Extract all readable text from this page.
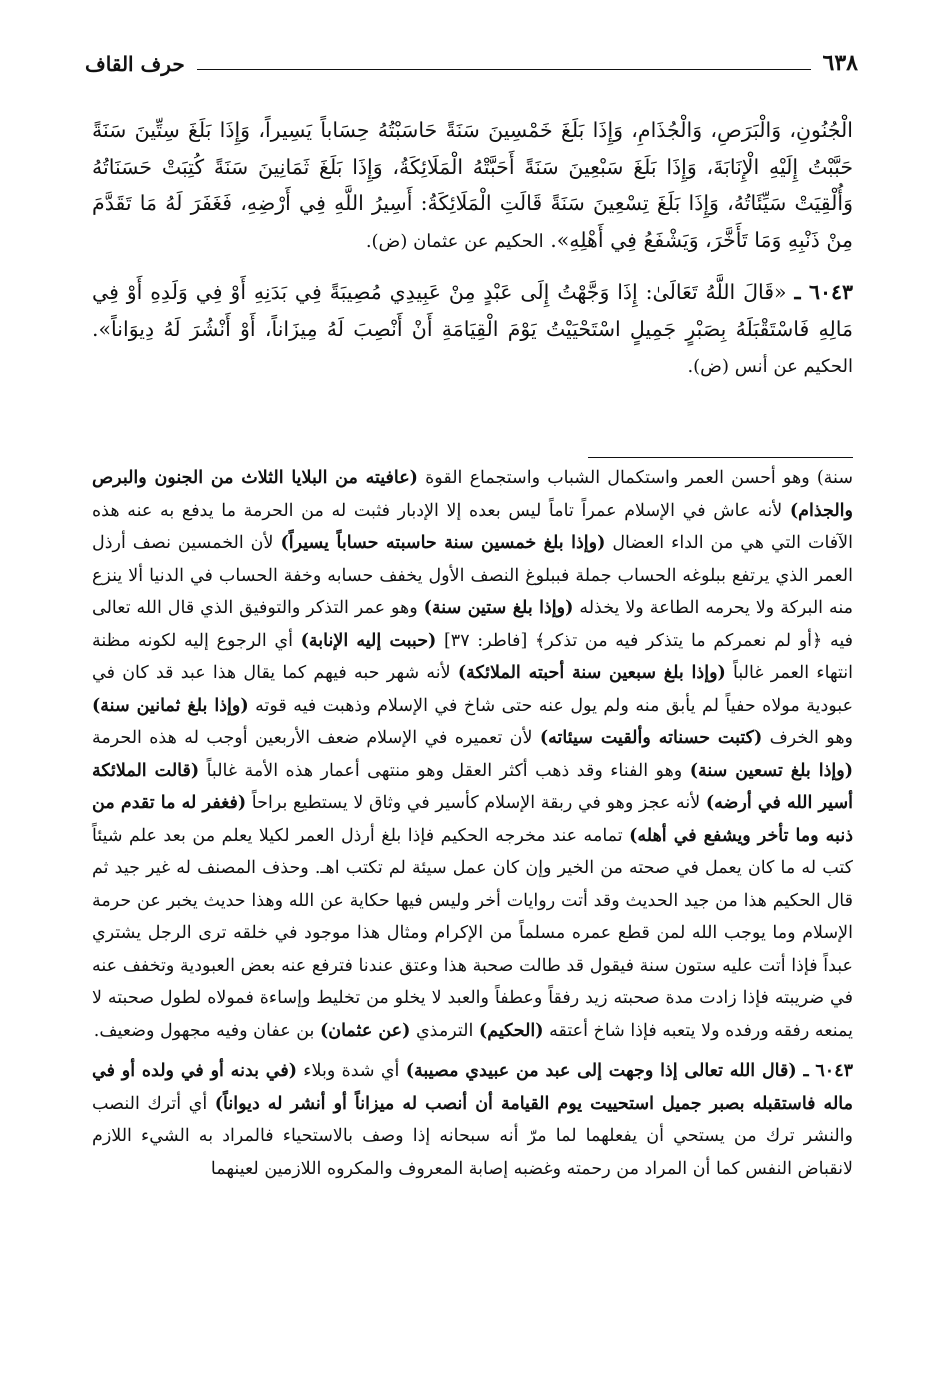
٦٣٨
حرف القاف

الْجُنُونِ، وَالْبَرَصِ، وَالْجُذَامِ، وَإِذَا بَلَغَ خَمْسِينَ سَنَةً حَاسَبْتُهُ حِسَاباً يَسِيراً، وَإِذَا بَلَغَ سِتِّينَ سَنَةً حَبَّبْتُ إِلَيْهِ الْإِنَابَةَ، وَإِذَا بَلَغَ سَبْعِينَ سَنَةً أَحَبَّتْهُ الْمَلَائِكَةُ، وَإِذَا بَلَغَ ثَمَانِينَ سَنَةً كُتِبَتْ حَسَنَاتُهُ وَأُلْقِيَتْ سَيِّئَاتُهُ، وَإِذَا بَلَغَ تِسْعِينَ سَنَةً قَالَتِ الْمَلَائِكَةُ: أَسِيرُ اللَّهِ فِي أَرْضِهِ، فَغَفَرَ لَهُ مَا تَقَدَّمَ مِنْ ذَنْبِهِ وَمَا تَأَخَّرَ، وَيَشْفَعُ فِي أَهْلِهِ». الحكيم عن عثمان (ض).

٦٠٤٣ ـ «قَالَ اللَّهُ تَعَالَىٰ: إِذَا وَجَّهْتُ إِلَى عَبْدٍ مِنْ عَبِيدِي مُصِيبَةً فِي بَدَنِهِ أَوْ فِي وَلَدِهِ أَوْ فِي مَالِهِ فَاسْتَقْبَلَهُ بِصَبْرٍ جَمِيلٍ اسْتَحْيَيْتُ يَوْمَ الْقِيَامَةِ أَنْ أَنْصِبَ لَهُ مِيزَاناً، أَوْ أَنْشُرَ لَهُ دِيوَاناً». الحكيم عن أنس (ض).

سنة) وهو أحسن العمر واستكمال الشباب واستجماع القوة (عافيته من البلايا الثلاث من الجنون والبرص والجذام) لأنه عاش في الإسلام عمراً تاماً ليس بعده إلا الإدبار فثبت له من الحرمة ما يدفع به عنه هذه الآفات التي هي من الداء العضال (وإذا بلغ خمسين سنة حاسبته حساباً يسيراً) لأن الخمسين نصف أرذل العمر الذي يرتفع ببلوغه الحساب جملة فببلوغ النصف الأول يخفف حسابه وخفة الحساب في الدنيا ألا ينزع منه البركة ولا يحرمه الطاعة ولا يخذله (وإذا بلغ ستين سنة) وهو عمر التذكر والتوفيق الذي قال الله تعالى فيه ﴿أو لم نعمركم ما يتذكر فيه من تذكر﴾ [فاطر: ٣٧] (حببت إليه الإنابة) أي الرجوع إليه لكونه مظنة انتهاء العمر غالباً (وإذا بلغ سبعين سنة أحبته الملائكة) لأنه شهر حبه فيهم كما يقال هذا عبد قد كان في عبودية مولاه حفياً لم يأبق منه ولم يول عنه حتى شاخ في الإسلام وذهبت فيه قوته (وإذا بلغ ثمانين سنة) وهو الخرف (كتبت حسناته وألقيت سيئاته) لأن تعميره في الإسلام ضعف الأربعين أوجب له هذه الحرمة (وإذا بلغ تسعين سنة) وهو الفناء وقد ذهب أكثر العقل وهو منتهى أعمار هذه الأمة غالباً (قالت الملائكة أسير الله في أرضه) لأنه عجز وهو في ربقة الإسلام كأسير في وثاق لا يستطيع براحاً (فغفر له ما تقدم من ذنبه وما تأخر ويشفع في أهله) تمامه عند مخرجه الحكيم فإذا بلغ أرذل العمر لكيلا يعلم من بعد علم شيئاً كتب له ما كان يعمل في صحته من الخير وإن كان عمل سيئة لم تكتب اهـ. وحذف المصنف له غير جيد ثم قال الحكيم هذا من جيد الحديث وقد أتت روايات أخر وليس فيها حكاية عن الله وهذا حديث يخبر عن حرمة الإسلام وما يوجب الله لمن قطع عمره مسلماً من الإكرام ومثال هذا موجود في خلقه ترى الرجل يشتري عبداً فإذا أتت عليه ستون سنة فيقول قد طالت صحبة هذا وعتق عندنا فترفع عنه بعض العبودية وتخفف عنه في ضريبته فإذا زادت مدة صحبته زيد رفقاً وعطفاً والعبد لا يخلو من تخليط وإساءة فمولاه لطول صحبته لا يمنعه رفقه ورفده ولا يتعبه فإذا شاخ أعتقه (الحكيم) الترمذي (عن عثمان) بن عفان وفيه مجهول وضعيف.

٦٠٤٣ ـ (قال الله تعالى إذا وجهت إلى عبد من عبيدي مصيبة) أي شدة وبلاء (في بدنه أو في ولده أو في ماله فاستقبله بصبر جميل استحييت يوم القيامة أن أنصب له ميزاناً أو أنشر له ديواناً) أي أترك النصب والنشر ترك من يستحي أن يفعلهما لما مرّ أنه سبحانه إذا وصف بالاستحياء فالمراد به الشيء اللازم لانقباض النفس كما أن المراد من رحمته وغضبه إصابة المعروف والمكروه اللازمين لعينهما
